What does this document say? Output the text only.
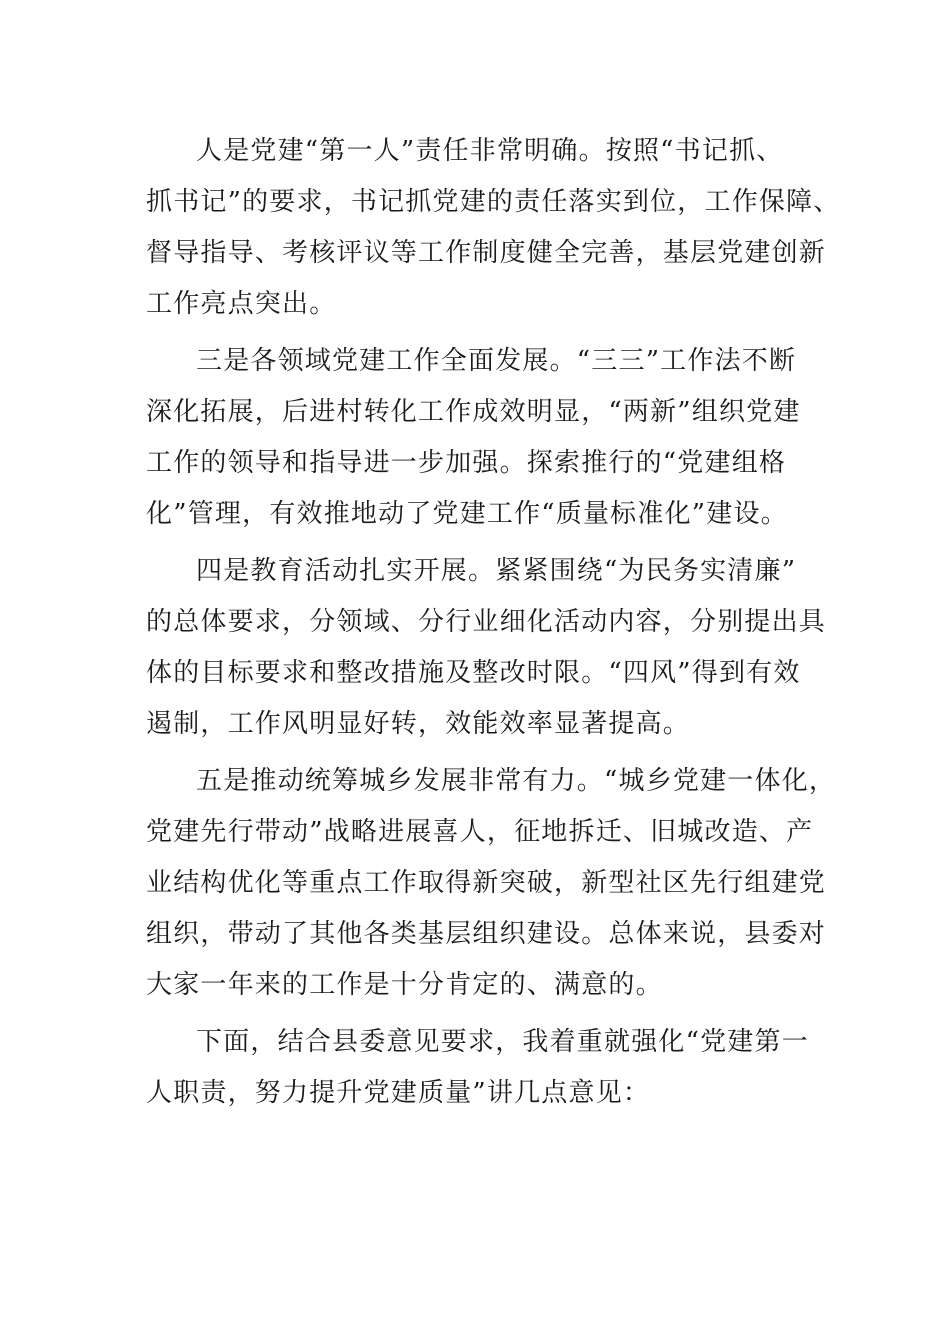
人是党建“第一人”责任非常明确。按照“书记抓、
抓书记”的要求，书记抓党建的责任落实到位，工作保障、
督导指导、考核评议等工作制度健全完善，基层党建创新
工作亮点突出。
三是各领域党建工作全面发展。“三三”工作法不断
深化拓展，后进村转化工作成效明显，“两新”组织党建
工作的领导和指导进一步加强。探索推行的“党建组格
化”管理，有效推地动了党建工作“质量标准化”建设。
四是教育活动扎实开展。紧紧围绕“为民务实清廉”
的总体要求，分领域、分行业细化活动内容，分别提出具
体的目标要求和整改措施及整改时限。“四风”得到有效
遏制，工作风明显好转，效能效率显著提高。
五是推动统筹城乡发展非常有力。“城乡党建一体化，
党建先行带动”战略进展喜人，征地拆迁、旧城改造、产
业结构优化等重点工作取得新突破，新型社区先行组建党
组织，带动了其他各类基层组织建设。总体来说，县委对
大家一年来的工作是十分肯定的、满意的。
下面，结合县委意见要求，我着重就强化“党建第一
人职责，努力提升党建质量”讲几点意见：
